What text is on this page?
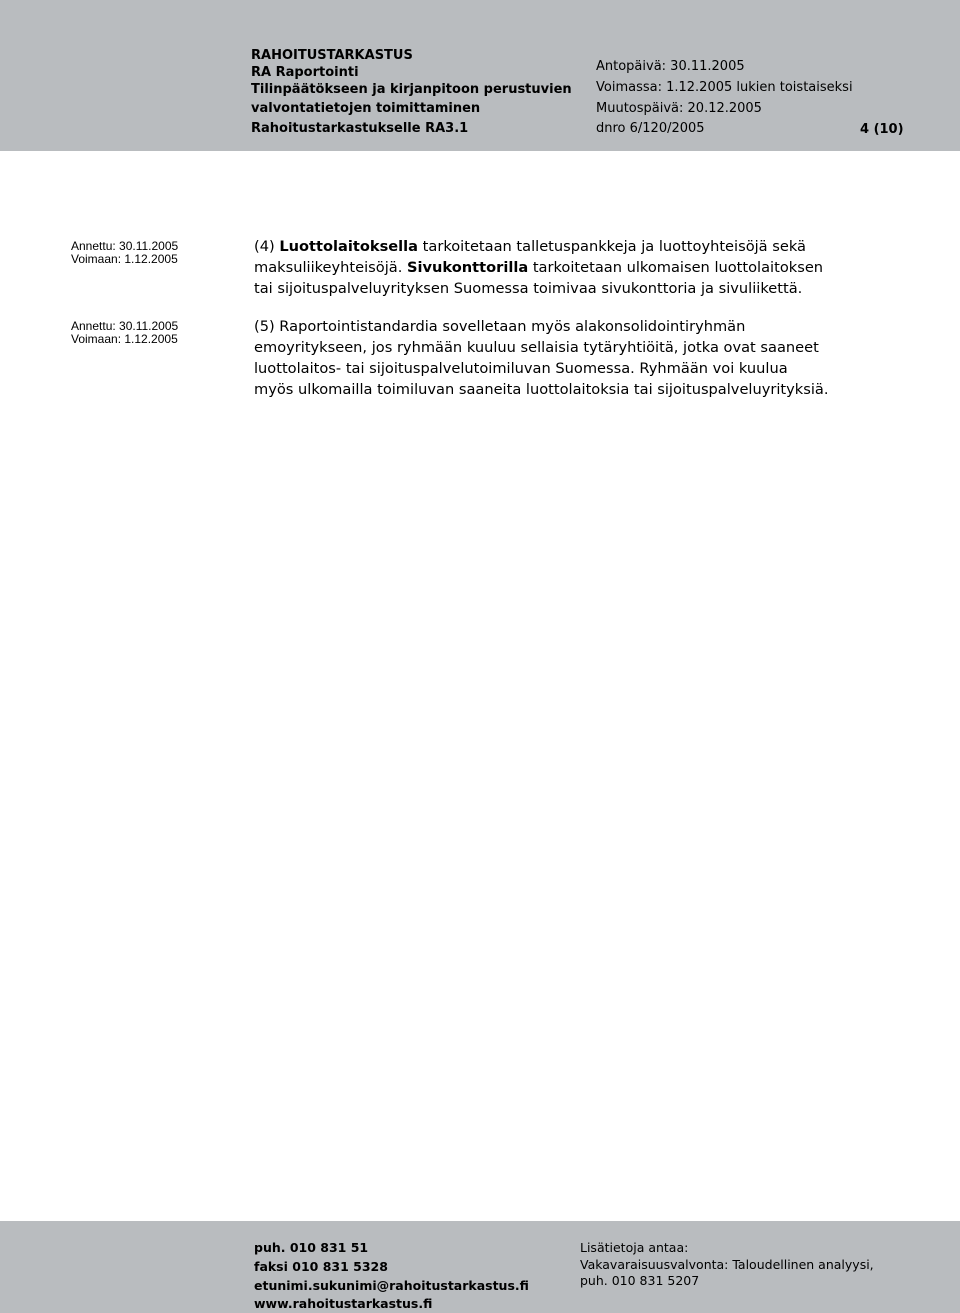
RAHOITUSTARKASTUS
RA Raportointi
Tilinpäätökseen ja kirjanpitoon perustuvien
valvontatietojen toimittaminen
Rahoitustarkastukselle RA3.1
Antopäivä: 30.11.2005
Voimassa: 1.12.2005 lukien toistaiseksi
Muutospäivä: 20.12.2005
dnro 6/120/2005	4 (10)
Annettu: 30.11.2005
Voimaan: 1.12.2005

(4) Luottolaitoksella tarkoitetaan talletuspankkeja ja luottoyhteisöjä sekä

maksuliikeyhteisöjä. Sivukonttorilla tarkoitetaan ulkomaisen luottolaitoksen

tai sijoituspalveluyrityksen Suomessa toimivaa sivukonttoria ja sivuliikettä.

Annettu: 30.11.2005
Voimaan: 1.12.2005

(5) Raportointistandardia sovelletaan myös alakonsolidointiryhmän

emoyritykseen, jos ryhmään kuuluu sellaisia tytäryhtiöitä, jotka ovat saaneet

luottolaitos- tai sijoituspalvelutoimiluvan Suomessa. Ryhmään voi kuulua

myös ulkomailla toimiluvan saaneita luottolaitoksia tai sijoituspalveluyrityksiä.

puh. 010 831 51
faksi 010 831 5328
etunimi.sukunimi@rahoitustarkastus.fi
www.rahoitustarkastus.fi
Lisätietoja antaa:
Vakavaraisuusvalvonta: Taloudellinen analyysi,
puh. 010 831 5207
